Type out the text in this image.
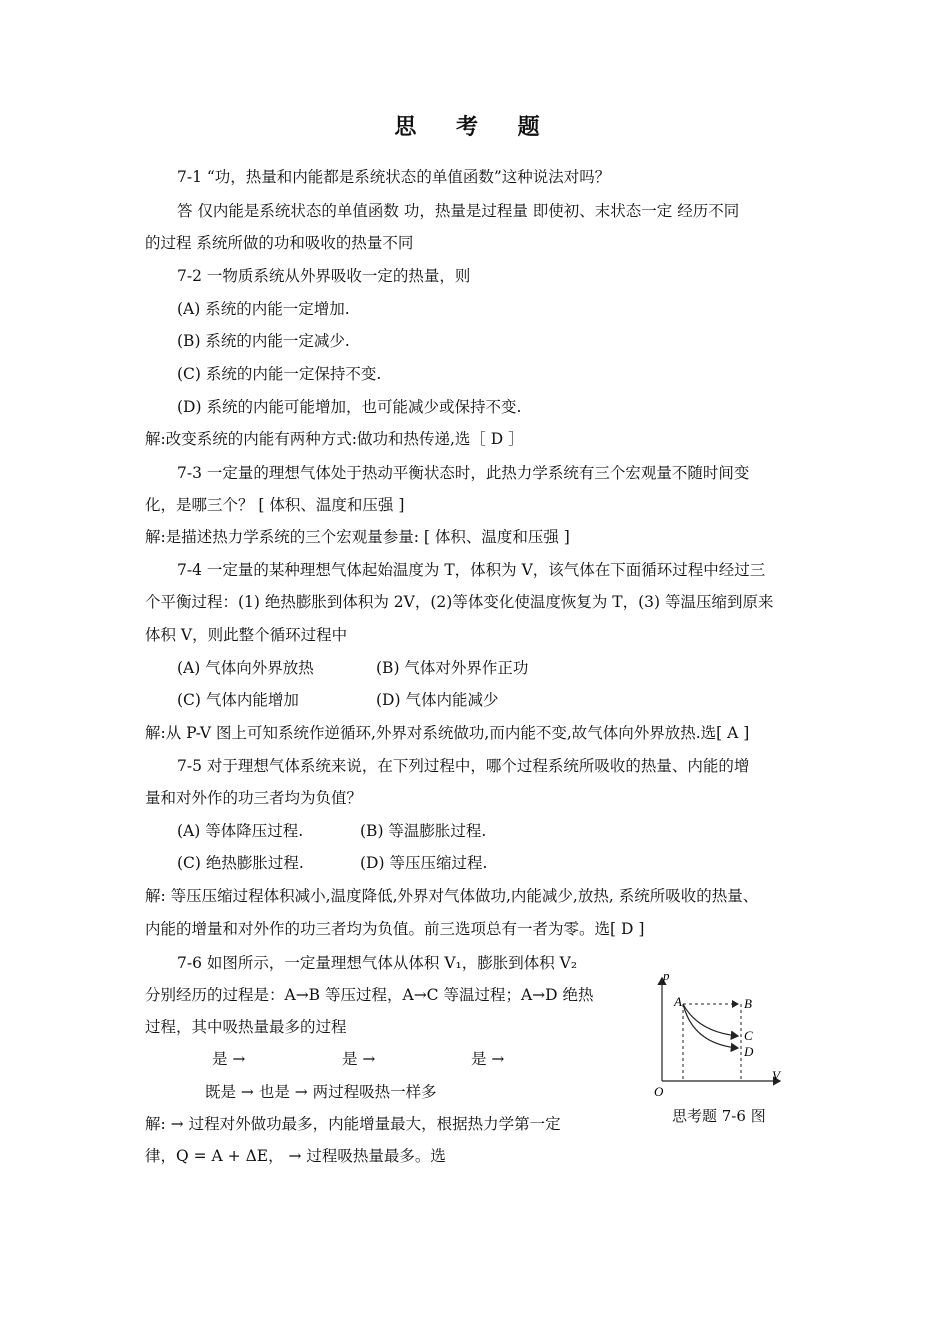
思 考 题
7-1 “功，热量和内能都是系统状态的单值函数”这种说法对吗？
答 仅内能是系统状态的单值函数 功，热量是过程量 即使初、末状态一定 经历不同
的过程 系统所做的功和吸收的热量不同
7-2 一物质系统从外界吸收一定的热量，则
(A) 系统的内能一定增加.
(B) 系统的内能一定减少.
(C) 系统的内能一定保持不变.
(D) 系统的内能可能增加，也可能减少或保持不变.
解:改变系统的内能有两种方式:做功和热传递,选［ D ］
7-3 一定量的理想气体处于热动平衡状态时，此热力学系统有三个宏观量不随时间变
化，是哪三个？ [ 体积、温度和压强 ]
解:是描述热力学系统的三个宏观量参量: [ 体积、温度和压强 ]
7-4 一定量的某种理想气体起始温度为 T，体积为 V，该气体在下面循环过程中经过三
个平衡过程：(1) 绝热膨胀到体积为 2V，(2)等体变化使温度恢复为 T，(3) 等温压缩到原来
体积 V，则此整个循环过程中
(A) 气体向外界放热	(B) 气体对外界作正功
(C) 气体内能增加	(D) 气体内能减少
解:从 P-V 图上可知系统作逆循环,外界对系统做功,而内能不变,故气体向外界放热.选[ A ]
7-5 对于理想气体系统来说，在下列过程中，哪个过程系统所吸收的热量、内能的增
量和对外作的功三者均为负值？
(A) 等体降压过程.	(B) 等温膨胀过程.
(C) 绝热膨胀过程.	(D) 等压压缩过程.
解: 等压压缩过程体积减小,温度降低,外界对气体做功,内能减少,放热, 系统所吸收的热量、
内能的增量和对外作的功三者均为负值。前三选项总有一者为零。选[ D ]
7-6 如图所示，一定量理想气体从体积 V₁，膨胀到体积 V₂
分别经历的过程是：A→B 等压过程，A→C 等温过程；A→D 绝热
过程，其中吸热量最多的过程
是 →	是 →	是 →
既是 → 也是 → 两过程吸热一样多
解: → 过程对外做功最多，内能增量最大，根据热力学第一定
律，Q = A + ΔE， → 过程吸热量最多。选
p
V
O
A	B
C
D
思考题 7-6 图
